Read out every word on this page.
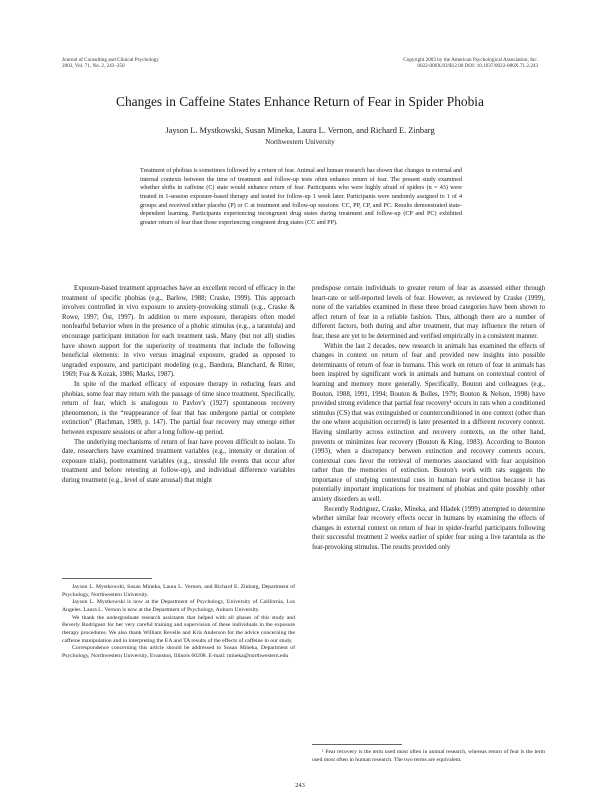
Journal of Consulting and Clinical Psychology
2003, Vol. 71, No. 2, 243–250
Copyright 2003 by the American Psychological Association, Inc.
0022-006X/03/$12.00 DOI: 10.1037/0022-006X.71.2.243
Changes in Caffeine States Enhance Return of Fear in Spider Phobia
Jayson L. Mystkowski, Susan Mineka, Laura L. Vernon, and Richard E. Zinbarg
Northwestern University

Treatment of phobias is sometimes followed by a return of fear. Animal and human research has shown that changes in external and internal contexts between the time of treatment and follow-up tests often enhance return of fear. The present study examined whether shifts in caffeine (C) state would enhance return of fear. Participants who were highly afraid of spiders (n = 43) were treated in 1-session exposure-based therapy and tested for follow-up 1 week later. Participants were randomly assigned to 1 of 4 groups and received either placebo (P) or C at treatment and follow-up sessions: CC, PP, CP, and PC. Results demonstrated state-dependent learning. Participants experiencing incongruent drug states during treatment and follow-up (CP and PC) exhibited greater return of fear than those experiencing congruent drug states (CC and PP).

Exposure-based treatment approaches have an excellent record of efficacy in the treatment of specific phobias (e.g., Barlow, 1988; Craske, 1999). This approach involves controlled in vivo exposure to anxiety-provoking stimuli (e.g., Craske & Rowe, 1997; Öst, 1997). In addition to mere exposure, therapists often model nonfearful behavior when in the presence of a phobic stimulus (e.g., a tarantula) and encourage participant imitation for each treatment task. Many (but not all) studies have shown support for the superiority of treatments that include the following beneficial elements: in vivo versus imaginal exposure, graded as opposed to ungraded exposure, and participant modeling (e.g., Bandura, Blanchard, & Ritter, 1969; Foa & Kozak, 1986; Marks, 1987).

In spite of the marked efficacy of exposure therapy in reducing fears and phobias, some fear may return with the passage of time since treatment. Specifically, return of fear, which is analogous to Pavlov's (1927) spontaneous recovery phenomenon, is the “reappearance of fear that has undergone partial or complete extinction” (Rachman, 1989, p. 147). The partial fear recovery may emerge either between exposure sessions or after a long follow-up period.

The underlying mechanisms of return of fear have proven difficult to isolate. To date, researchers have examined treatment variables (e.g., intensity or duration of exposure trials), posttreatment variables (e.g., stressful life events that occur after treatment and before retesting at follow-up), and individual difference variables during treatment (e.g., level of state arousal) that might

predispose certain individuals to greater return of fear as assessed either through heart-rate or self-reported levels of fear. However, as reviewed by Craske (1999), none of the variables examined in these three broad categories have been shown to affect return of fear in a reliable fashion. Thus, although there are a number of different factors, both during and after treatment, that may influence the return of fear, these are yet to be determined and verified empirically in a consistent manner.

Within the last 2 decades, new research in animals has examined the effects of changes in context on return of fear and provided new insights into possible determinants of return of fear in humans. This work on return of fear in animals has been inspired by significant work in animals and humans on contextual control of learning and memory more generally. Specifically, Bouton and colleagues (e.g., Bouton, 1988, 1991, 1994; Bouton & Bolles, 1979; Bouton & Nelson, 1998) have provided strong evidence that partial fear recovery¹ occurs in rats when a conditioned stimulus (CS) that was extinguished or counterconditioned in one context (other than the one where acquisition occurred) is later presented in a different recovery context. Having similarity across extinction and recovery contexts, on the other hand, prevents or minimizes fear recovery (Bouton & King, 1983). According to Bouton (1993), when a discrepancy between extinction and recovery contexts occurs, contextual cues favor the retrieval of memories associated with fear acquisition rather than the memories of extinction. Bouton's work with rats suggests the importance of studying contextual cues in human fear extinction because it has potentially important implications for treatment of phobias and quite possibly other anxiety disorders as well.

Recently Rodriguez, Craske, Mineka, and Hladek (1999) attempted to determine whether similar fear recovery effects occur in humans by examining the effects of changes in external context on return of fear in spider-fearful participants following their successful treatment 2 weeks earlier of spider fear using a live tarantula as the fear-provoking stimulus. The results provided only

Jayson L. Mystkowski, Susan Mineka, Laura L. Vernon, and Richard E. Zinbarg, Department of Psychology, Northwestern University.

Jayson L. Mystkowski is now at the Department of Psychology, University of California, Los Angeles. Laura L. Vernon is now at the Department of Psychology, Auburn University.

We thank the undergraduate research assistants that helped with all phases of this study and Beverly Rodriguez for her very careful training and supervision of these individuals in the exposure therapy procedures. We also thank William Revelle and Kris Anderson for the advice concerning the caffeine manipulation and in interpreting the EA and TA results of the effects of caffeine in our study.

Correspondence concerning this article should be addressed to Susan Mineka, Department of Psychology, Northwestern University, Evanston, Illinois 60208. E-mail: mineka@northwestern.edu

¹ Fear recovery is the term used most often in animal research, whereas return of fear is the term used most often in human research. The two terms are equivalent.

243
